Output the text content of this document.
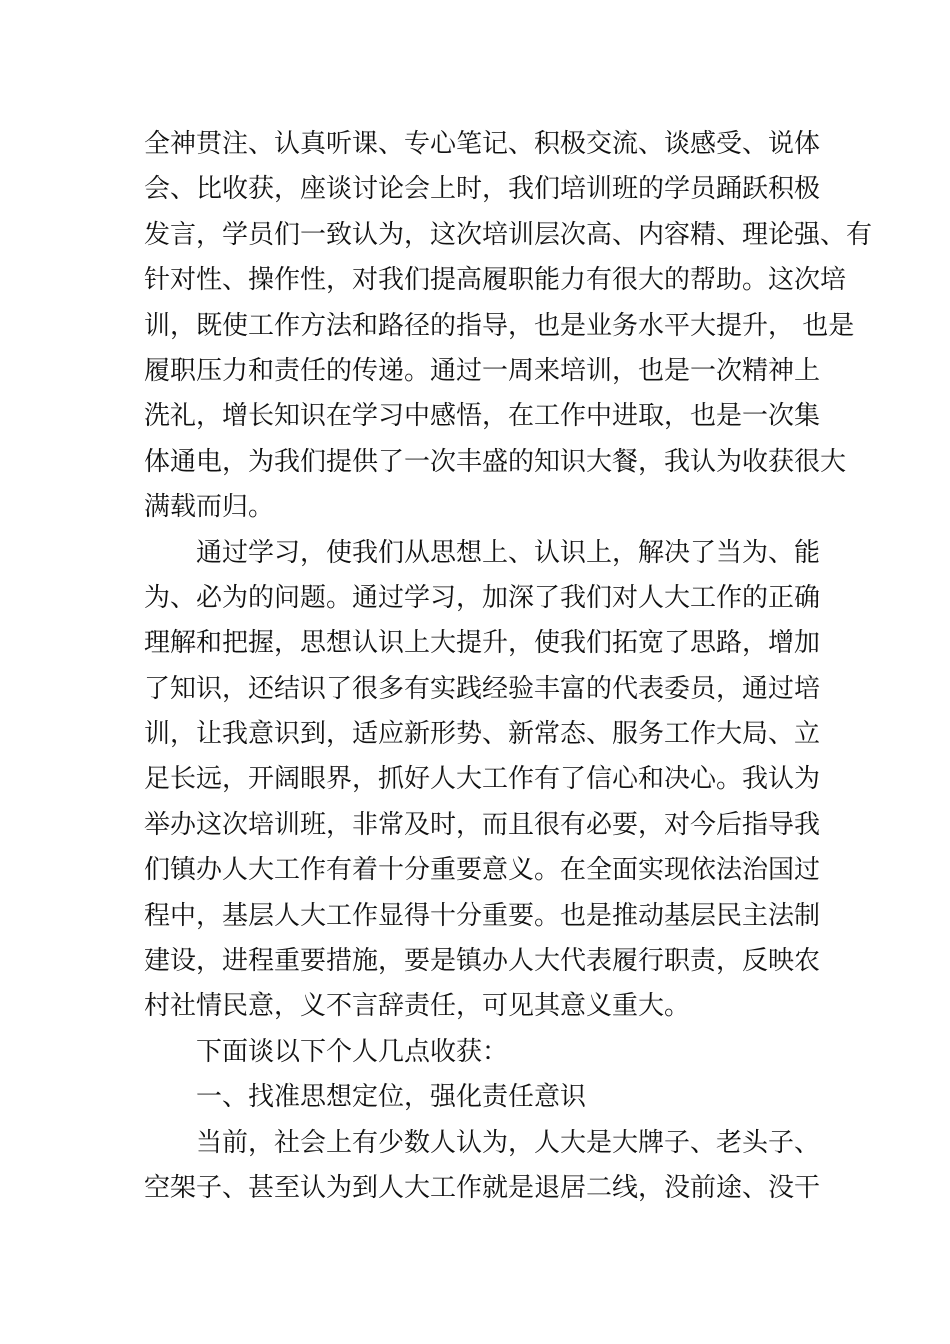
全神贯注、认真听课、专心笔记、积极交流、谈感受、说体
会、比收获，座谈讨论会上时，我们培训班的学员踊跃积极
发言，学员们一致认为，这次培训层次高、内容精、理论强、有
针对性、操作性，对我们提高履职能力有很大的帮助。这次培
训，既使工作方法和路径的指导，也是业务水平大提升， 也是
履职压力和责任的传递。通过一周来培训，也是一次精神上
洗礼，增长知识在学习中感悟，在工作中进取，也是一次集
体通电，为我们提供了一次丰盛的知识大餐，我认为收获很大
满载而归。
通过学习，使我们从思想上、认识上，解决了当为、能
为、必为的问题。通过学习，加深了我们对人大工作的正确
理解和把握，思想认识上大提升，使我们拓宽了思路，增加
了知识，还结识了很多有实践经验丰富的代表委员，通过培
训，让我意识到，适应新形势、新常态、服务工作大局、立
足长远，开阔眼界，抓好人大工作有了信心和决心。我认为
举办这次培训班，非常及时，而且很有必要，对今后指导我
们镇办人大工作有着十分重要意义。在全面实现依法治国过
程中，基层人大工作显得十分重要。也是推动基层民主法制
建设，进程重要措施，要是镇办人大代表履行职责，反映农
村社情民意，义不言辞责任，可见其意义重大。
下面谈以下个人几点收获：
一、找准思想定位，强化责任意识
当前，社会上有少数人认为，人大是大牌子、老头子、
空架子、甚至认为到人大工作就是退居二线，没前途、没干
